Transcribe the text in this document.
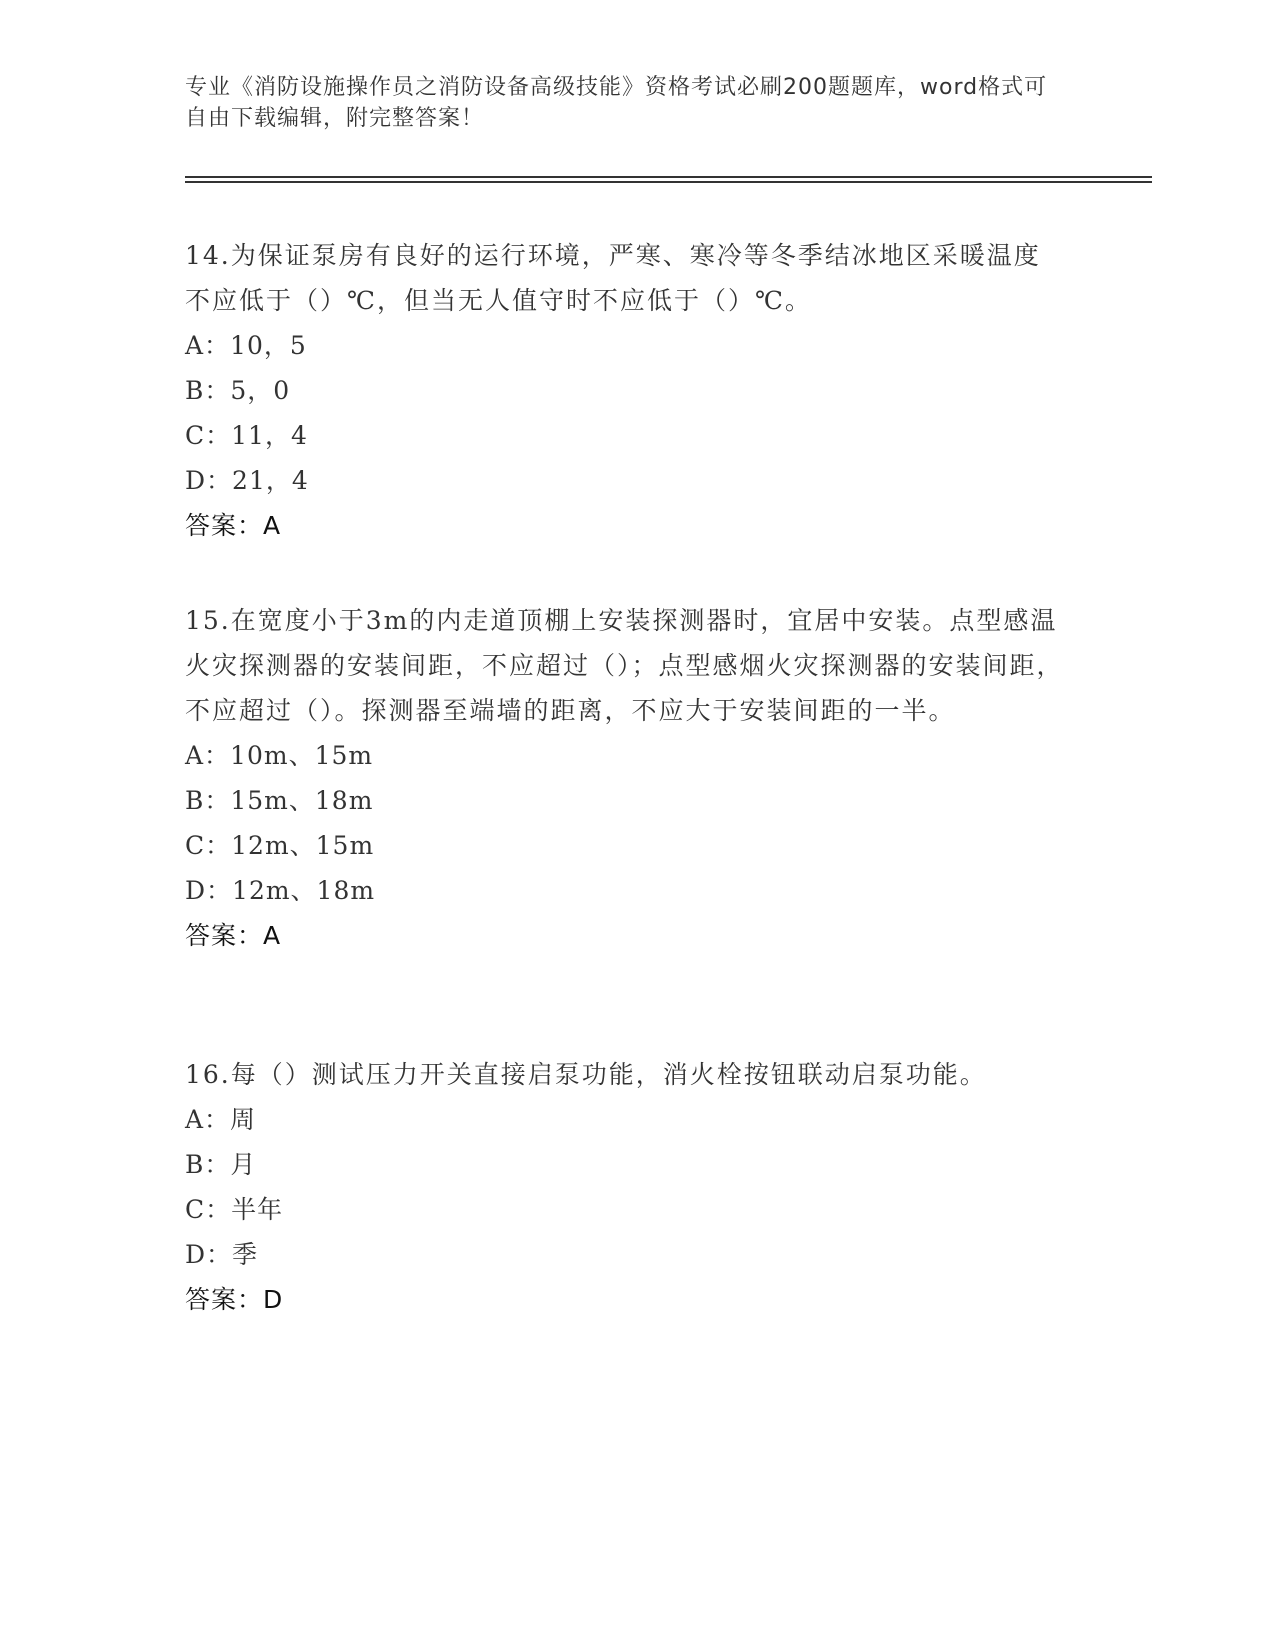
专业《消防设施操作员之消防设备高级技能》资格考试必刷200题题库，word格式可自由下载编辑，附完整答案！

14.为保证泵房有良好的运行环境，严寒、寒冷等冬季结冰地区采暖温度不应低于（）℃，但当无人值守时不应低于（）℃。

A：10，5

B：5，0

C：11，4

D：21，4

答案：A

15.在宽度小于3m的内走道顶棚上安装探测器时，宜居中安装。点型感温火灾探测器的安装间距，不应超过（）；点型感烟火灾探测器的安装间距，不应超过（）。探测器至端墙的距离，不应大于安装间距的一半。

A：10m、15m

B：15m、18m

C：12m、15m

D：12m、18m

答案：A

16.每（）测试压力开关直接启泵功能，消火栓按钮联动启泵功能。

A：周

B：月

C：半年

D：季

答案：D
